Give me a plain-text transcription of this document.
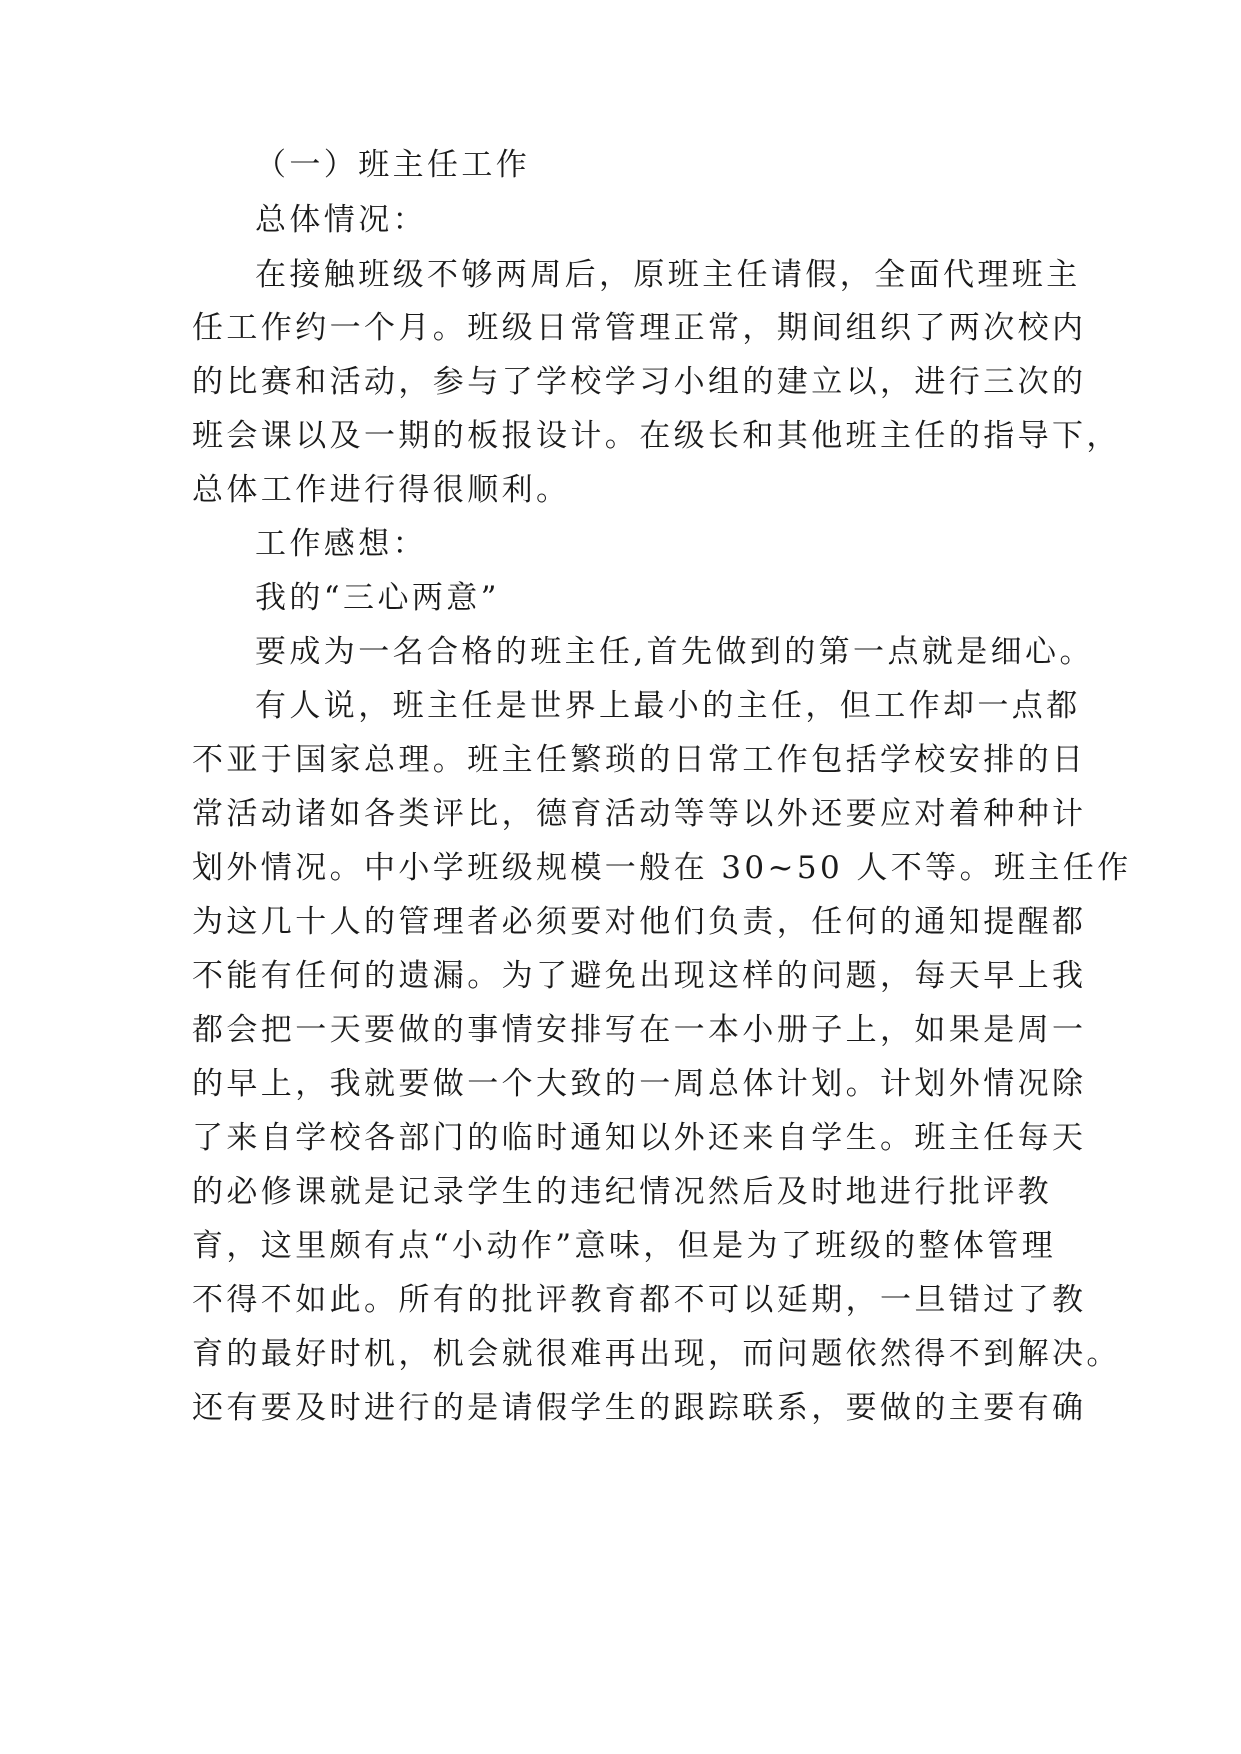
（一）班主任工作
总体情况：
在接触班级不够两周后，原班主任请假，全面代理班主
任工作约一个月。班级日常管理正常，期间组织了两次校内
的比赛和活动，参与了学校学习小组的建立以，进行三次的
班会课以及一期的板报设计。在级长和其他班主任的指导下，
总体工作进行得很顺利。
工作感想：
我的“三心两意”
要成为一名合格的班主任,首先做到的第一点就是细心。
有人说，班主任是世界上最小的主任，但工作却一点都
不亚于国家总理。班主任繁琐的日常工作包括学校安排的日
常活动诸如各类评比，德育活动等等以外还要应对着种种计
划外情况。中小学班级规模一般在 30~50 人不等。班主任作
为这几十人的管理者必须要对他们负责，任何的通知提醒都
不能有任何的遗漏。为了避免出现这样的问题，每天早上我
都会把一天要做的事情安排写在一本小册子上，如果是周一
的早上，我就要做一个大致的一周总体计划。计划外情况除
了来自学校各部门的临时通知以外还来自学生。班主任每天
的必修课就是记录学生的违纪情况然后及时地进行批评教
育，这里颇有点“小动作”意味，但是为了班级的整体管理
不得不如此。所有的批评教育都不可以延期，一旦错过了教
育的最好时机，机会就很难再出现，而问题依然得不到解决。
还有要及时进行的是请假学生的跟踪联系，要做的主要有确
